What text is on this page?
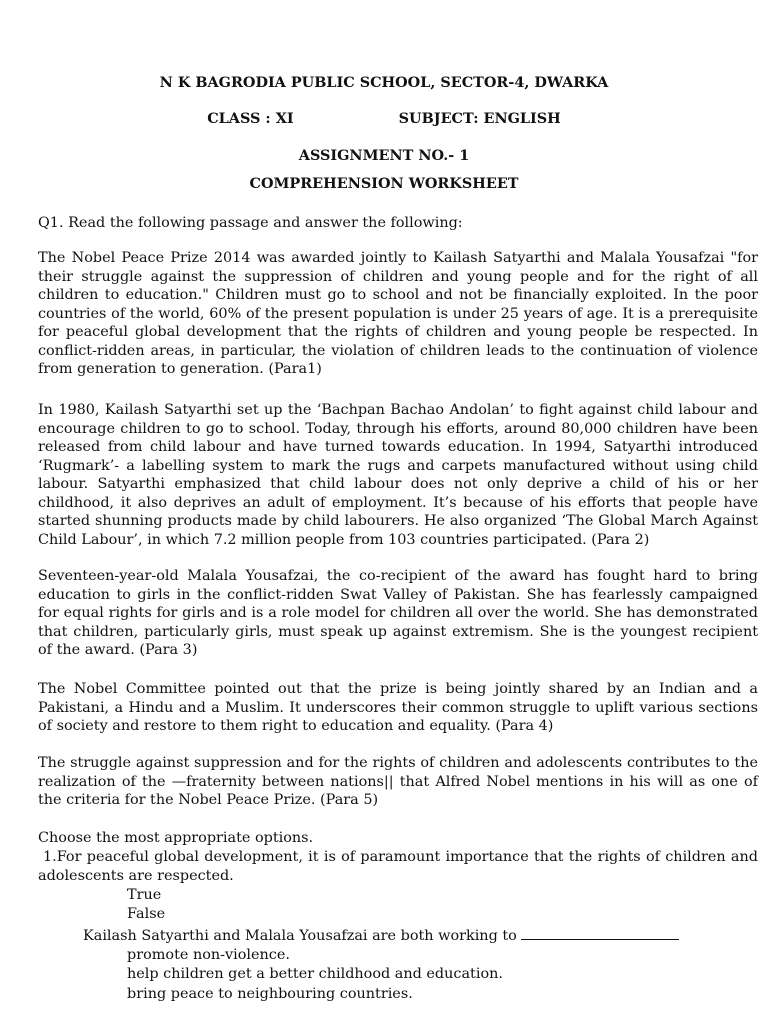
N K BAGRODIA PUBLIC SCHOOL, SECTOR-4, DWARKA
CLASS : XI	SUBJECT: ENGLISH
ASSIGNMENT NO.- 1
COMPREHENSION WORKSHEET
Q1. Read the following passage and answer the following:
The Nobel Peace Prize 2014 was awarded jointly to Kailash Satyarthi and Malala Yousafzai "for their struggle against the suppression of children and young people and for the right of all children to education." Children must go to school and not be financially exploited. In the poor countries of the world, 60% of the present population is under 25 years of age. It is a prerequisite for peaceful global development that the rights of children and young people be respected. In conflict-ridden areas, in particular, the violation of children leads to the continuation of violence from generation to generation. (Para1)
In 1980, Kailash Satyarthi set up the ‘Bachpan Bachao Andolan’ to fight against child labour and encourage children to go to school. Today, through his efforts, around 80,000 children have been released from child labour and have turned towards education. In 1994, Satyarthi introduced ‘Rugmark’- a labelling system to mark the rugs and carpets manufactured without using child labour. Satyarthi emphasized that child labour does not only deprive a child of his or her childhood, it also deprives an adult of employment. It’s because of his efforts that people have started shunning products made by child labourers. He also organized ‘The Global March Against Child Labour’, in which 7.2 million people from 103 countries participated. (Para 2)
Seventeen-year-old Malala Yousafzai, the co-recipient of the award has fought hard to bring education to girls in the conflict-ridden Swat Valley of Pakistan. She has fearlessly campaigned for equal rights for girls and is a role model for children all over the world. She has demonstrated that children, particularly girls, must speak up against extremism. She is the youngest recipient of the award. (Para 3)
The Nobel Committee pointed out that the prize is being jointly shared by an Indian and a Pakistani, a Hindu and a Muslim. It underscores their common struggle to uplift various sections of society and restore to them right to education and equality. (Para 4)
The struggle against suppression and for the rights of children and adolescents contributes to the realization of the —fraternity between nations|| that Alfred Nobel mentions in his will as one of the criteria for the Nobel Peace Prize. (Para 5)
Choose the most appropriate options.
1.For peaceful global development, it is of paramount importance that the rights of children and adolescents are respected.
True
False
Kailash Satyarthi and Malala Yousafzai are both working to
promote non-violence.
help children get a better childhood and education.
bring peace to neighbouring countries.
